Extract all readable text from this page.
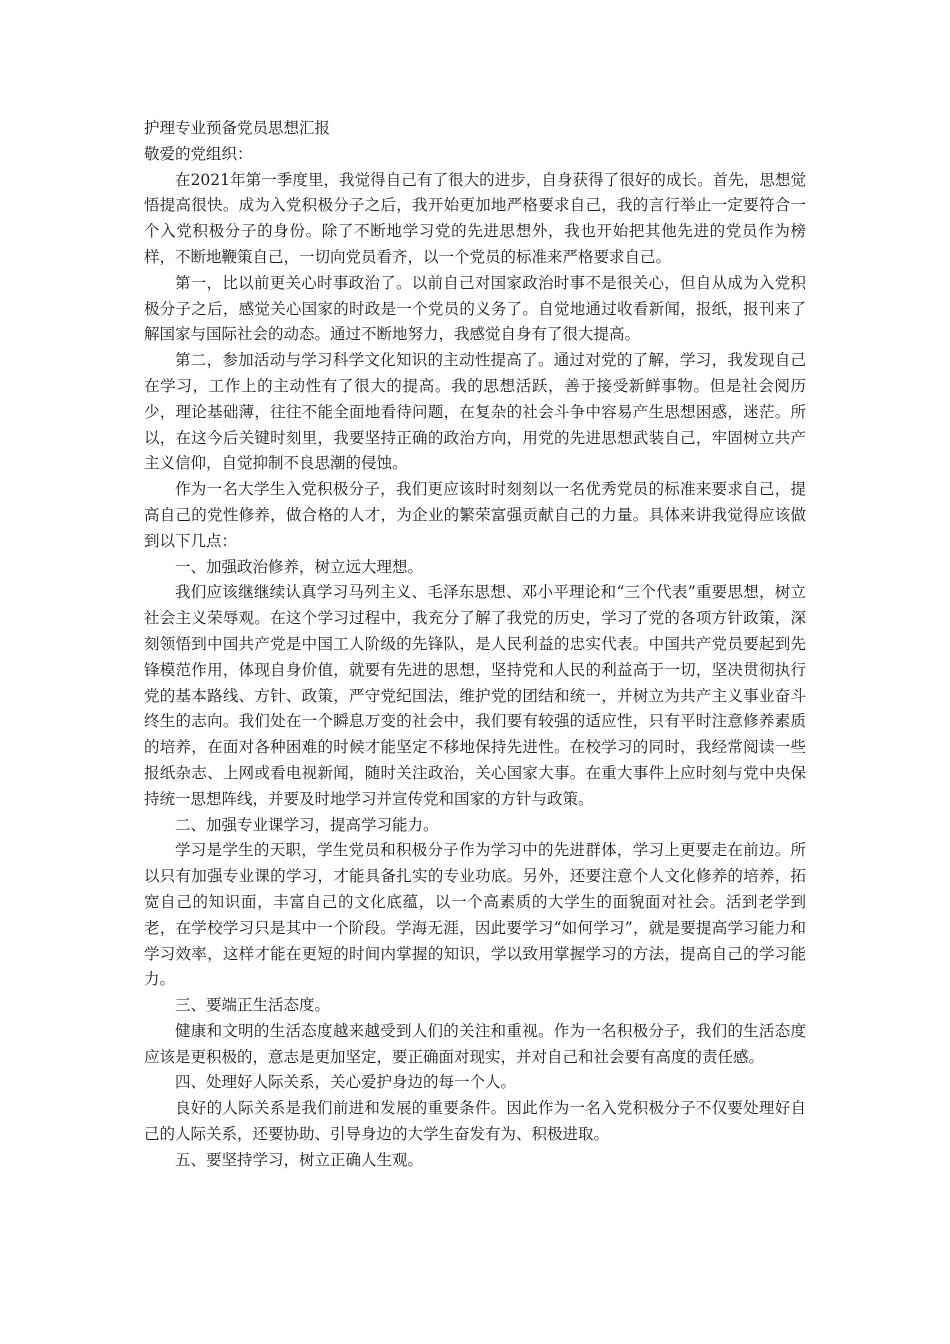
护理专业预备党员思想汇报

敬爱的党组织：

在2021年第一季度里，我觉得自己有了很大的进步，自身获得了很好的成长。首先，思想觉悟提高很快。成为入党积极分子之后，我开始更加地严格要求自己，我的言行举止一定要符合一个入党积极分子的身份。除了不断地学习党的先进思想外，我也开始把其他先进的党员作为榜样，不断地鞭策自己，一切向党员看齐，以一个党员的标准来严格要求自己。

第一，比以前更关心时事政治了。以前自己对国家政治时事不是很关心，但自从成为入党积极分子之后，感觉关心国家的时政是一个党员的义务了。自觉地通过收看新闻，报纸，报刊来了解国家与国际社会的动态。通过不断地努力，我感觉自身有了很大提高。

第二，参加活动与学习科学文化知识的主动性提高了。通过对党的了解，学习，我发现自己在学习，工作上的主动性有了很大的提高。我的思想活跃，善于接受新鲜事物。但是社会阅历少，理论基础薄，往往不能全面地看待问题，在复杂的社会斗争中容易产生思想困惑，迷茫。所以，在这今后关键时刻里，我要坚持正确的政治方向，用党的先进思想武装自己，牢固树立共产主义信仰，自觉抑制不良思潮的侵蚀。

作为一名大学生入党积极分子，我们更应该时时刻刻以一名优秀党员的标准来要求自己，提高自己的党性修养，做合格的人才，为企业的繁荣富强贡献自己的力量。具体来讲我觉得应该做到以下几点：

一、加强政治修养，树立远大理想。

我们应该继继续认真学习马列主义、毛泽东思想、邓小平理论和“三个代表”重要思想，树立社会主义荣辱观。在这个学习过程中，我充分了解了我党的历史，学习了党的各项方针政策，深刻领悟到中国共产党是中国工人阶级的先锋队，是人民利益的忠实代表。中国共产党员要起到先锋模范作用，体现自身价值，就要有先进的思想，坚持党和人民的利益高于一切，坚决贯彻执行党的基本路线、方针、政策，严守党纪国法，维护党的团结和统一，并树立为共产主义事业奋斗终生的志向。我们处在一个瞬息万变的社会中，我们要有较强的适应性，只有平时注意修养素质的培养，在面对各种困难的时候才能坚定不移地保持先进性。在校学习的同时，我经常阅读一些报纸杂志、上网或看电视新闻，随时关注政治，关心国家大事。在重大事件上应时刻与党中央保持统一思想阵线，并要及时地学习并宣传党和国家的方针与政策。

二、加强专业课学习，提高学习能力。

学习是学生的天职，学生党员和积极分子作为学习中的先进群体，学习上更要走在前边。所以只有加强专业课的学习，才能具备扎实的专业功底。另外，还要注意个人文化修养的培养，拓宽自己的知识面，丰富自己的文化底蕴，以一个高素质的大学生的面貌面对社会。活到老学到老，在学校学习只是其中一个阶段。学海无涯，因此要学习“如何学习”，就是要提高学习能力和学习效率，这样才能在更短的时间内掌握的知识，学以致用掌握学习的方法，提高自己的学习能力。

三、要端正生活态度。

健康和文明的生活态度越来越受到人们的关注和重视。作为一名积极分子，我们的生活态度应该是更积极的，意志是更加坚定，要正确面对现实，并对自己和社会要有高度的责任感。

四、处理好人际关系，关心爱护身边的每一个人。

良好的人际关系是我们前进和发展的重要条件。因此作为一名入党积极分子不仅要处理好自己的人际关系，还要协助、引导身边的大学生奋发有为、积极进取。

五、要坚持学习，树立正确人生观。
